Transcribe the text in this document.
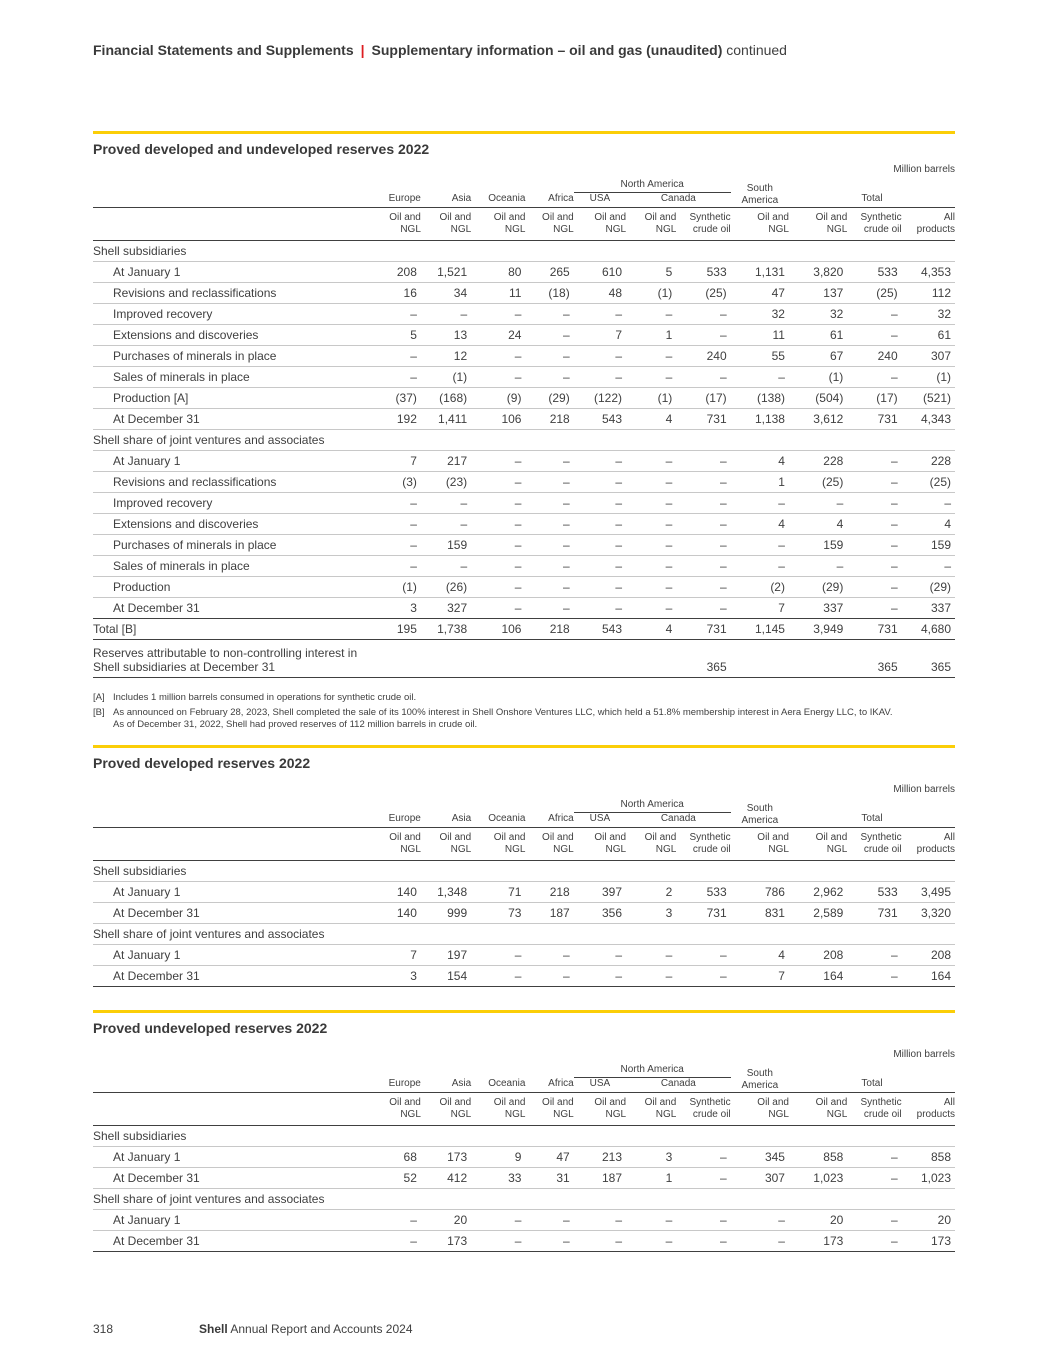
Financial Statements and Supplements | Supplementary information – oil and gas (unaudited) continued
Proved developed and undeveloped reserves 2022
Million barrels
					North America			South
America			
	Europe	Asia	Oceania	Africa	USA	Canada			Total		
	Oil and
NGL	Oil and
NGL	Oil and
NGL	Oil and
NGL	Oil and
NGL	Oil and
NGL	Synthetic
crude oil	Oil and
NGL	Oil and
NGL	Synthetic
crude oil	All
products
Shell subsidiaries											
At January 1	208	1,521	80	265	610	5	533	1,131	3,820	533	4,353
Revisions and reclassifications	16	34	11	(18)	48	(1)	(25)	47	137	(25)	112
Improved recovery	–	–	–	–	–	–	–	32	32	–	32
Extensions and discoveries	5	13	24	–	7	1	–	11	61	–	61
Purchases of minerals in place	–	12	–	–	–	–	240	55	67	240	307
Sales of minerals in place	–	(1)	–	–	–	–	–	–	(1)	–	(1)
Production [A]	(37)	(168)	(9)	(29)	(122)	(1)	(17)	(138)	(504)	(17)	(521)
At December 31	192	1,411	106	218	543	4	731	1,138	3,612	731	4,343
Shell share of joint ventures and associates											
At January 1	7	217	–	–	–	–	–	4	228	–	228
Revisions and reclassifications	(3)	(23)	–	–	–	–	–	1	(25)	–	(25)
Improved recovery	–	–	–	–	–	–	–	–	–	–	–
Extensions and discoveries	–	–	–	–	–	–	–	4	4	–	4
Purchases of minerals in place	–	159	–	–	–	–	–	–	159	–	159
Sales of minerals in place	–	–	–	–	–	–	–	–	–	–	–
Production	(1)	(26)	–	–	–	–	–	(2)	(29)	–	(29)
At December 31	3	327	–	–	–	–	–	7	337	–	337
Total [B]	195	1,738	106	218	543	4	731	1,145	3,949	731	4,680
Reserves attributable to non-controlling interest in
Shell subsidiaries at December 31							365			365	365
[A] Includes 1 million barrels consumed in operations for synthetic crude oil.
[B] As announced on February 28, 2023, Shell completed the sale of its 100% interest in Shell Onshore Ventures LLC, which held a 51.8% membership interest in Aera Energy LLC, to IKAV.
As of December 31, 2022, Shell had proved reserves of 112 million barrels in crude oil.
Proved developed reserves 2022
Million barrels
					North America			South
America			
	Europe	Asia	Oceania	Africa	USA	Canada			Total		
	Oil and
NGL	Oil and
NGL	Oil and
NGL	Oil and
NGL	Oil and
NGL	Oil and
NGL	Synthetic
crude oil	Oil and
NGL	Oil and
NGL	Synthetic
crude oil	All
products
Shell subsidiaries											
At January 1	140	1,348	71	218	397	2	533	786	2,962	533	3,495
At December 31	140	999	73	187	356	3	731	831	2,589	731	3,320
Shell share of joint ventures and associates											
At January 1	7	197	–	–	–	–	–	4	208	–	208
At December 31	3	154	–	–	–	–	–	7	164	–	164
Proved undeveloped reserves 2022
Million barrels
					North America			South
America			
	Europe	Asia	Oceania	Africa	USA	Canada			Total		
	Oil and
NGL	Oil and
NGL	Oil and
NGL	Oil and
NGL	Oil and
NGL	Oil and
NGL	Synthetic
crude oil	Oil and
NGL	Oil and
NGL	Synthetic
crude oil	All
products
Shell subsidiaries											
At January 1	68	173	9	47	213	3	–	345	858	–	858
At December 31	52	412	33	31	187	1	–	307	1,023	–	1,023
Shell share of joint ventures and associates											
At January 1	–	20	–	–	–	–	–	–	20	–	20
At December 31	–	173	–	–	–	–	–	–	173	–	173
318	Shell Annual Report and Accounts 2024
